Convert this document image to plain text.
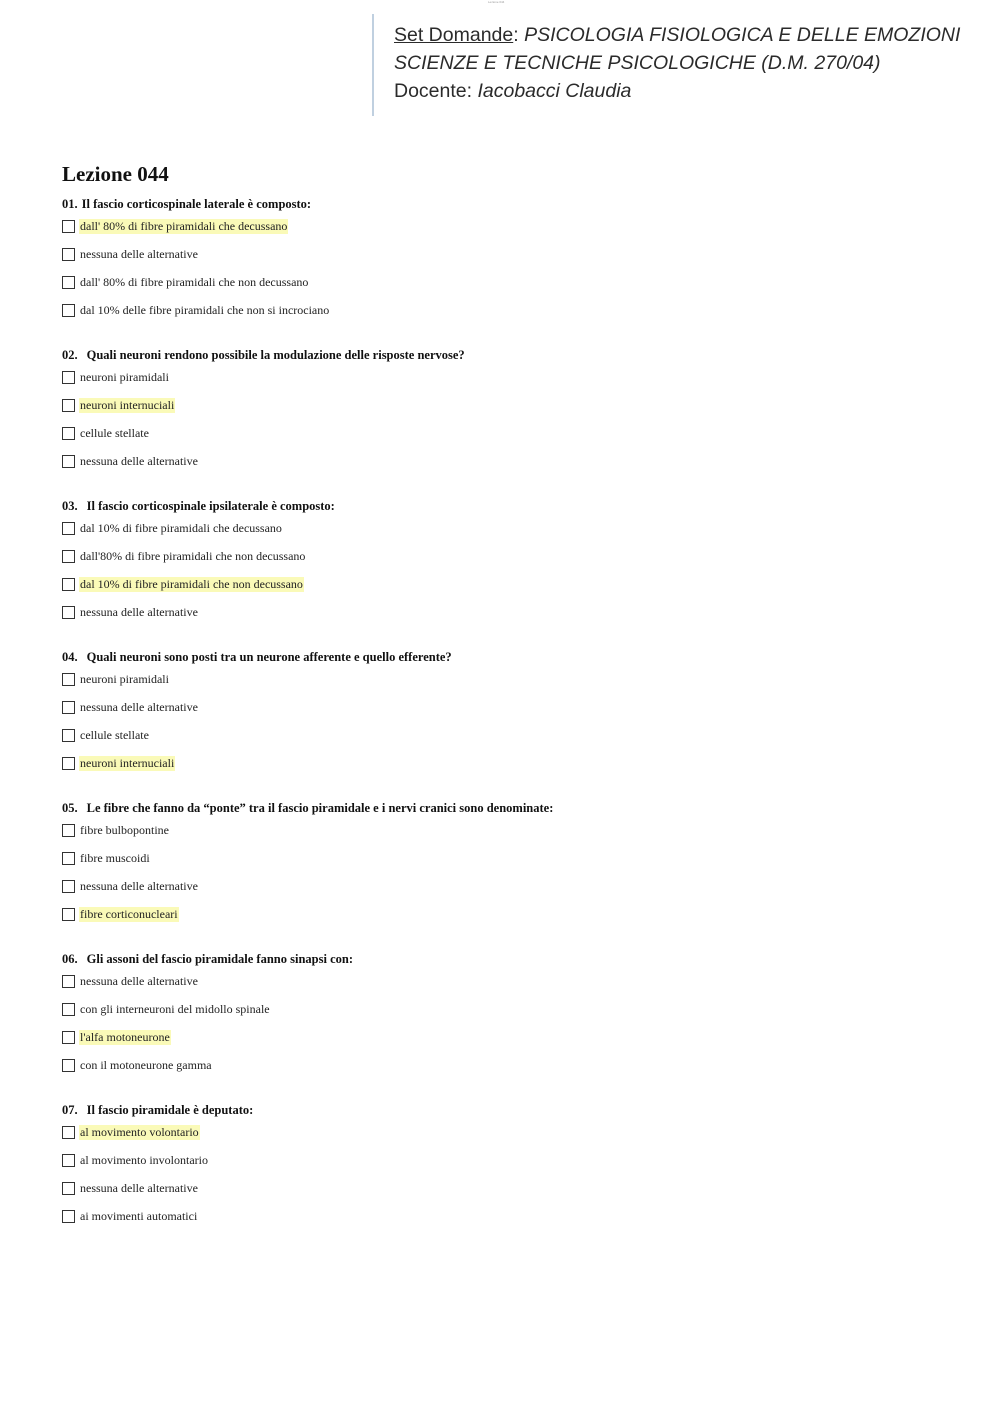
Lezione 044
Set Domande: PSICOLOGIA FISIOLOGICA E DELLE EMOZIONI
SCIENZE E TECNICHE PSICOLOGICHE (D.M. 270/04)
Docente: Iacobacci Claudia
Lezione 044
01. Il fascio corticospinale laterale è composto:
dall' 80% di fibre piramidali che decussano
nessuna delle alternative
dall' 80% di fibre piramidali che non decussano
dal 10% delle fibre piramidali che non si incrociano
02. Quali neuroni rendono possibile la modulazione delle risposte nervose?
neuroni piramidali
neuroni internuciali
cellule stellate
nessuna delle alternative
03. Il fascio corticospinale ipsilaterale è composto:
dal 10% di fibre piramidali che decussano
dall'80% di fibre piramidali che non decussano
dal 10% di fibre piramidali che non decussano
nessuna delle alternative
04. Quali neuroni sono posti tra un neurone afferente e quello efferente?
neuroni piramidali
nessuna delle alternative
cellule stellate
neuroni internuciali
05. Le fibre che fanno da “ponte” tra il fascio piramidale e i nervi cranici sono denominate:
fibre bulbopontine
fibre muscoidi
nessuna delle alternative
fibre corticonucleari
06. Gli assoni del fascio piramidale fanno sinapsi con:
nessuna delle alternative
con gli interneuroni del midollo spinale
l'alfa motoneurone
con il motoneurone gamma
07. Il fascio piramidale è deputato:
al movimento volontario
al movimento involontario
nessuna delle alternative
ai movimenti automatici
